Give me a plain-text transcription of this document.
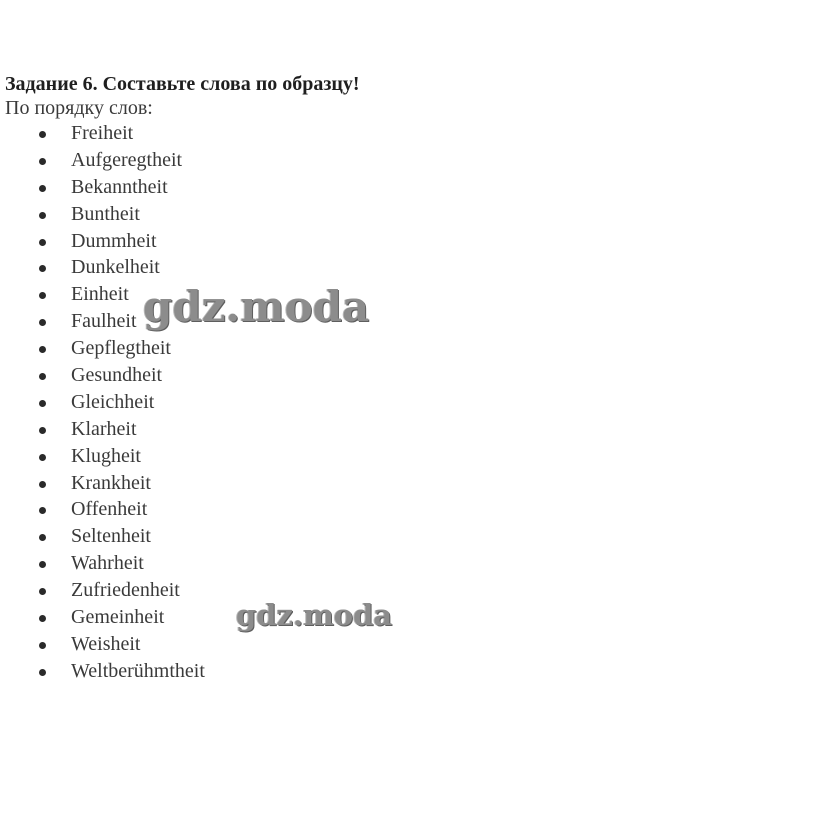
Задание 6. Составьте слова по образцу!

По порядку слов:

Freiheit
Aufgeregtheit
Bekanntheit
Buntheit
Dummheit
Dunkelheit
Einheit
Faulheit
Gepflegtheit
Gesundheit
Gleichheit
Klarheit
Klugheit
Krankheit
Offenheit
Seltenheit
Wahrheit
Zufriedenheit
Gemeinheit
Weisheit
Weltberühmtheit
gdz.moda
gdz.moda
